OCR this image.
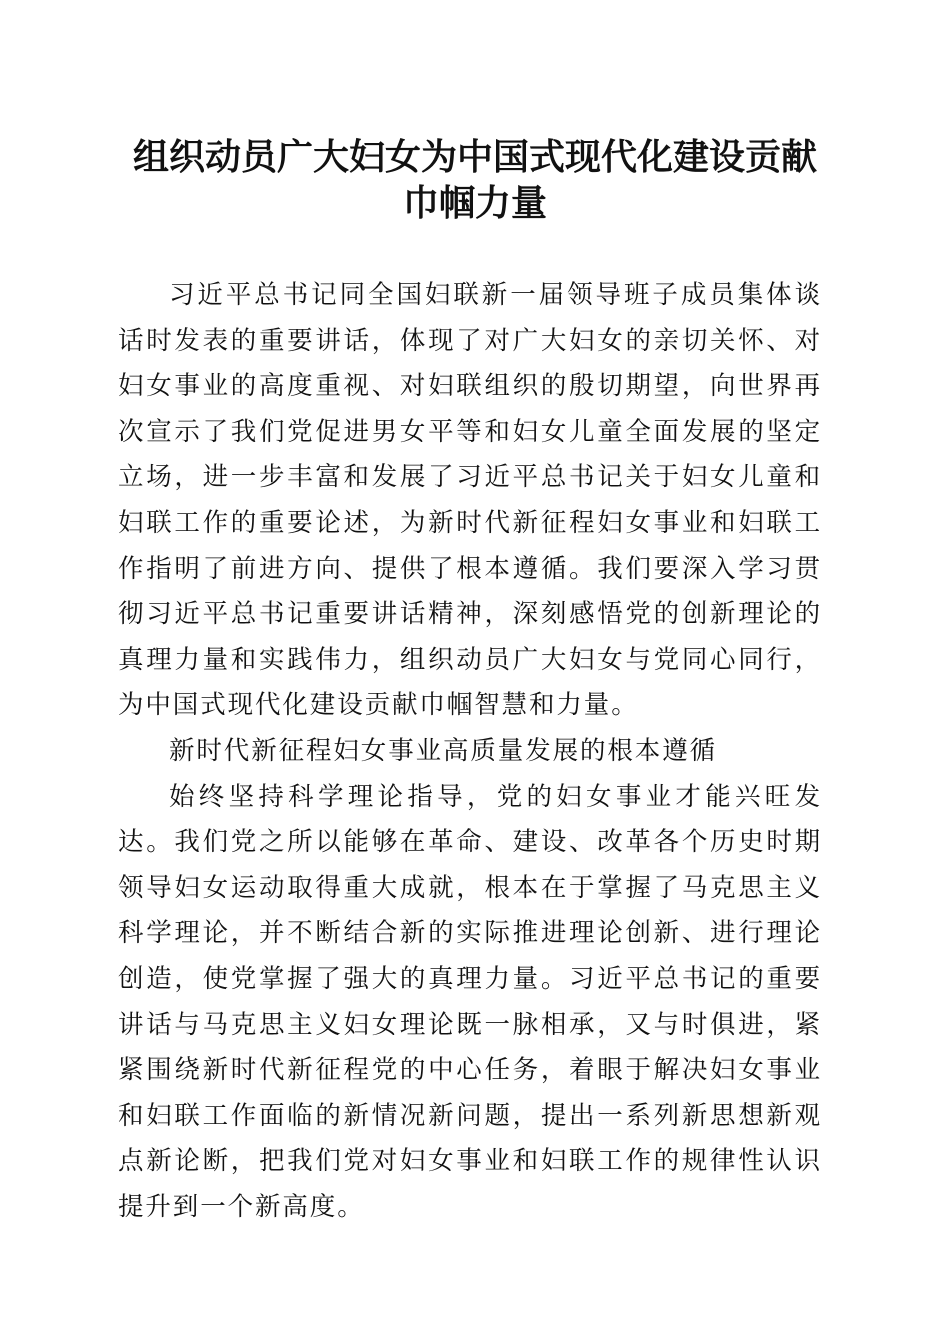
组织动员广大妇女为中国式现代化建设贡献巾帼力量

习近平总书记同全国妇联新一届领导班子成员集体谈话时发表的重要讲话，体现了对广大妇女的亲切关怀、对妇女事业的高度重视、对妇联组织的殷切期望，向世界再次宣示了我们党促进男女平等和妇女儿童全面发展的坚定立场，进一步丰富和发展了习近平总书记关于妇女儿童和妇联工作的重要论述，为新时代新征程妇女事业和妇联工作指明了前进方向、提供了根本遵循。我们要深入学习贯彻习近平总书记重要讲话精神，深刻感悟党的创新理论的真理力量和实践伟力，组织动员广大妇女与党同心同行，为中国式现代化建设贡献巾帼智慧和力量。

新时代新征程妇女事业高质量发展的根本遵循

始终坚持科学理论指导，党的妇女事业才能兴旺发达。我们党之所以能够在革命、建设、改革各个历史时期领导妇女运动取得重大成就，根本在于掌握了马克思主义科学理论，并不断结合新的实际推进理论创新、进行理论创造，使党掌握了强大的真理力量。习近平总书记的重要讲话与马克思主义妇女理论既一脉相承，又与时俱进，紧紧围绕新时代新征程党的中心任务，着眼于解决妇女事业和妇联工作面临的新情况新问题，提出一系列新思想新观点新论断，把我们党对妇女事业和妇联工作的规律性认识提升到一个新高度。
